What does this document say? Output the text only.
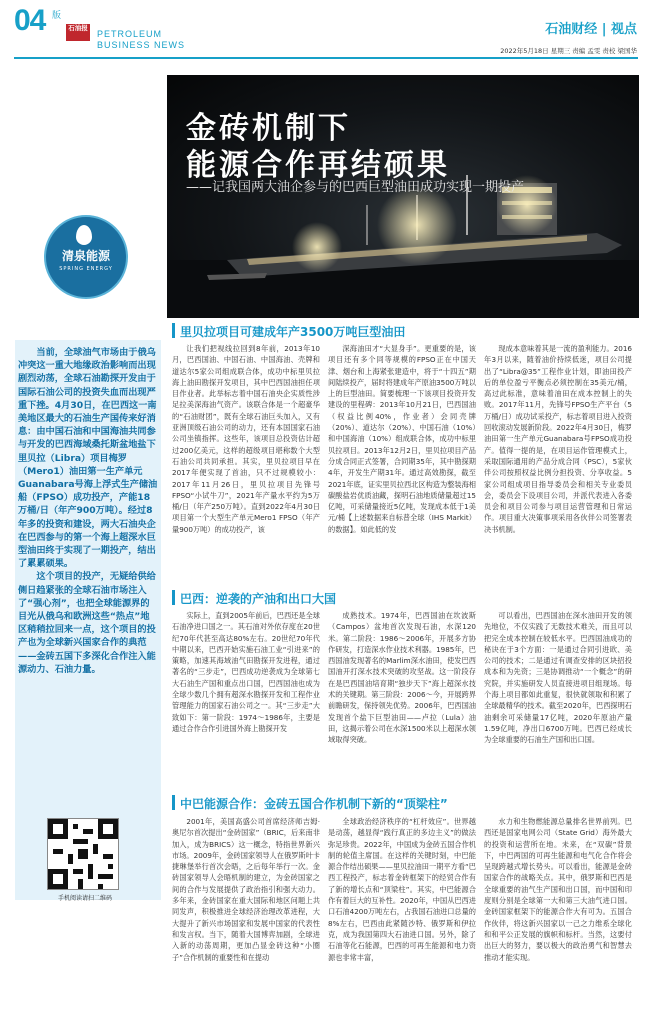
04 版
石油报
PETROLEUM
BUSINESS NEWS
石油财经 | 视点
2022年5月18日 星期三 责编 孟雯 责校 梁国华
金砖机制下
能源合作再结硕果
——记我国两大油企参与的巴西巨型油田成功实现一期投产
清泉能源
SPRING ENERGY
当前，全球油气市场由于俄乌冲突这一重大地缘政治影响而出现剧烈动荡，全球石油勘探开发由于国际石油公司的投资失血而出现严重下挫。4月30日，在巴西这一南美地区最大的石油生产国传来好消息：由中国石油和中国海油共同参与开发的巴西海域桑托斯盆地盐下里贝拉（Libra）项目梅罗（Mero1）油田第一生产单元Guanabara号海上浮式生产储油船（FPSO）成功投产，产能18万桶/日（年产900万吨）。经过8年多的投资和建设，两大石油央企在巴西参与的第一个海上超深水巨型油田终于实现了一期投产，结出了累累硕果。
这个项目的投产，无疑给供给侧日趋紧张的全球石油市场注入了“强心剂”，也把全球能源界的目光从俄乌和欧洲这些“热点”地区稍稍拉回来一点，这个项目的投产也为全球新兴国家合作的典范——金砖五国下多深化合作注入能源动力、石油力量。
手机阅读请扫二维码
里贝拉项目可建成年产3500万吨巨型油田
让我们把视线拉回到8年前，2013年10月，巴西国油、中国石油、中国海油、壳牌和道达尔5家公司组成联合体，成功中标里贝拉海上油田勘探开发项目，其中巴西国油担任项目作业者。此举标志着中国石油央企实质性涉足拉美深海油气资产。该联合体是一个超豪华的“石油财团”，既有全球石油巨头加入，又有亚洲顶级石油公司的动力，还有本国国家石油公司坐镇指挥。这些年，该项目总投资估计超过200亿美元，这样的超级项目堪称数个大型石油公司共同承担。其实，里贝拉项目早在2017年便实现了首油，只不过规模较小：2017年11月26日，里贝拉项目先锋号FPSO“小试牛刀”，2021年产量水平约为5万桶/日（年产250万吨）。直到2022年4月30日项目第一个大型生产单元Mero1 FPSO（年产量900万吨）的成功投产，该
深海油田才“大显身手”。更重要的是，该项目还有多个同等规模的FPSO正在中国天津、烟台和上海紧张建造中，将于“十四五”期间陆续投产，届时将建成年产原油3500万吨以上的巨型油田。简要梳理一下该项目投资开发建设的里程碑：2013年10月21日，巴西国油（权益比例40%，作业者）会同壳牌（20%）、道达尔（20%）、中国石油（10%）和中国海油（10%）组成联合体，成功中标里贝拉项目。2013年12月2日，里贝拉项目产品分成合同正式签署，合同期35年，其中勘探期4年，开发生产期31年。通过高效勘探，截至2021年底，证实里贝拉西北区构造为整装海相碳酸盐岩优质油藏，探明石油地质储量超过15亿吨，可采储量接近5亿吨，发现成本低于1美元/桶【上述数据来自标普全球（IHS Markit）的数据】。如此低的发
现成本意味着其是一流的盈利能力。2016年3月以来，随着油价持续低迷，项目公司提出了“Libra@35”工程作业计划，即油田投产后的单位盈亏平衡点必须控制在35美元/桶，高过此标准，意味着油田在成本控制上的失败。2017年11月，先锋号FPSO生产平台（5万桶/日）成功试采投产，标志着项目进入投资回收滚动发展新阶段。2022年4月30日，梅罗油田第一生产单元Guanabara号FPSO成功投产。值得一提的是，在项目运作管理模式上，采取国际通用的产品分成合同（PSC），5家伙伴公司按照权益比例分担投资、分享收益。5家公司组成项目指导委员会和相关专业委员会，委员会下设项目公司，并派代表进入各委员会和项目公司参与项目运营管理和日常运作。项目重大决策事项采用各伙伴公司签署表决书机制。
巴西：逆袭的产油和出口大国
实际上，直到2005年前后，巴西还是全球石油净进口国之一。其石油对外依存度在20世纪70年代甚至高达80%左右。20世纪70年代中期以来，巴西开始实施石油工业“引进来”的策略，加速其海域油气田勘探开发进程，通过著名的“三步走”，巴西成功逆袭成为全球第七大石油生产国和重点出口国，巴西国油也成为全球少数几个拥有超深水勘探开发和工程作业管理能力的国家石油公司之一。其“三步走”大致如下：第一阶段：1974～1986年，主要是通过合作合作引进国外海上勘探开发
成熟技术。1974年，巴西国油在坎波斯（Campos）盆地首次发现石油，水深120米。第二阶段：1986～2006年，开展多方协作研发，打造深水作业技术利器。1985年，巴西国油发现著名的Marlim深水油田，使发巴西国油开打深水技术突破的攻坚战。这一阶段存在是巴西国油培育期“独步天下”海上超深水技术的关键期。第三阶段：2006～今，开展跨界前瞻研发，保持领先优势。2006年，巴西国油发现首个盐下巨型油田——卢拉（Lula）油田，这揭示着公司在水深1500米以上超深水领域取得突破。
可以看出，巴西国油在深水油田开发的领先地位，不仅实践了无数技术难关，而且可以把完全成本控制在较低水平。巴西国油成功的秘诀在于3个方面：一是通过合同引进欧、美公司的技术；二是通过有调查安排的区块招投成本和为先资；三是协调推动“一个概念”的研究院，并实施研发人员直接进项目组现场。每个海上项目都如此重复，很快就领取和积累了全球最精华的技术。截至2020年，巴西探明石油剩余可采储量17亿吨，2020年原油产量1.59亿吨，净出口6700万吨。巴西已经成长为全球重要的石油生产国和出口国。
中巴能源合作：金砖五国合作机制下新的“顶梁柱”
2001年，美国高盛公司首席经济师吉姆·奥尼尔首次提出“金砖国家”（BRIC，后来南非加入，成为BRICS）这一概念，特指世界新兴市场。2009年，金砖国家领导人在俄罗斯叶卡捷琳堡举行首次会晤，之后每年举行一次。金砖国家领导人会晤机制的建立，为金砖国家之间的合作与发展提供了政治指引和强大动力。多年来，金砖国家在重大国际和地区问题上共同发声，积极推进全球经济治理改革进程，大大提升了新兴市场国家和发展中国家的代表性和发言权。当下，随着大国博弈加剧，全球进入新的动荡周期，更加凸显金砖这种“小圈子”合作机制的重要性和在提动
全球政治经济秩序的“杠杆效应”。世界越是动荡，越显得“践行真正的多边主义”的做法弥足珍贵。2022年，中国成为金砖五国合作机制的轮值主席国。在这样的关键时刻，中巴能源合作结出硕果——里贝拉油田一期平方看“巴西工程投产，标志着金砖框架下的经贸合作有了新的增长点和“顶梁柱”。其实，中巴能源合作有着巨大的互补性。2020年，中国从巴西进口石油4200万吨左右，占我国石油进口总量的8%左右，巴西由此紧随沙特、俄罗斯和伊拉克，成为我国第四大石油进口国。另外，除了石油等化石能源，巴西的可再生能源和电力资源也非常丰富，
水力和生物燃能源总量排名世界前列。巴西还是国家电网公司（State Grid）海外最大的投资和运营所在地。未来，在“双碳”背景下，中巴两国的可再生能源和电气化合作将会呈现跨越式增长势头。可以看出，能源是金砖国家合作的战略关点。其中，俄罗斯和巴西是全球重要的油气生产国和出口国，而中国和印度则分别是全球第一大和第三大油气进口国。金砖国家框架下的能源合作大有可为。五国合作伙伴，将这新兴国家以一己之力维系全球化和和平公正发展的旗帜和标杆。当然，这要付出巨大的努力，要以极大的政治勇气和智慧去推动才能实现。
